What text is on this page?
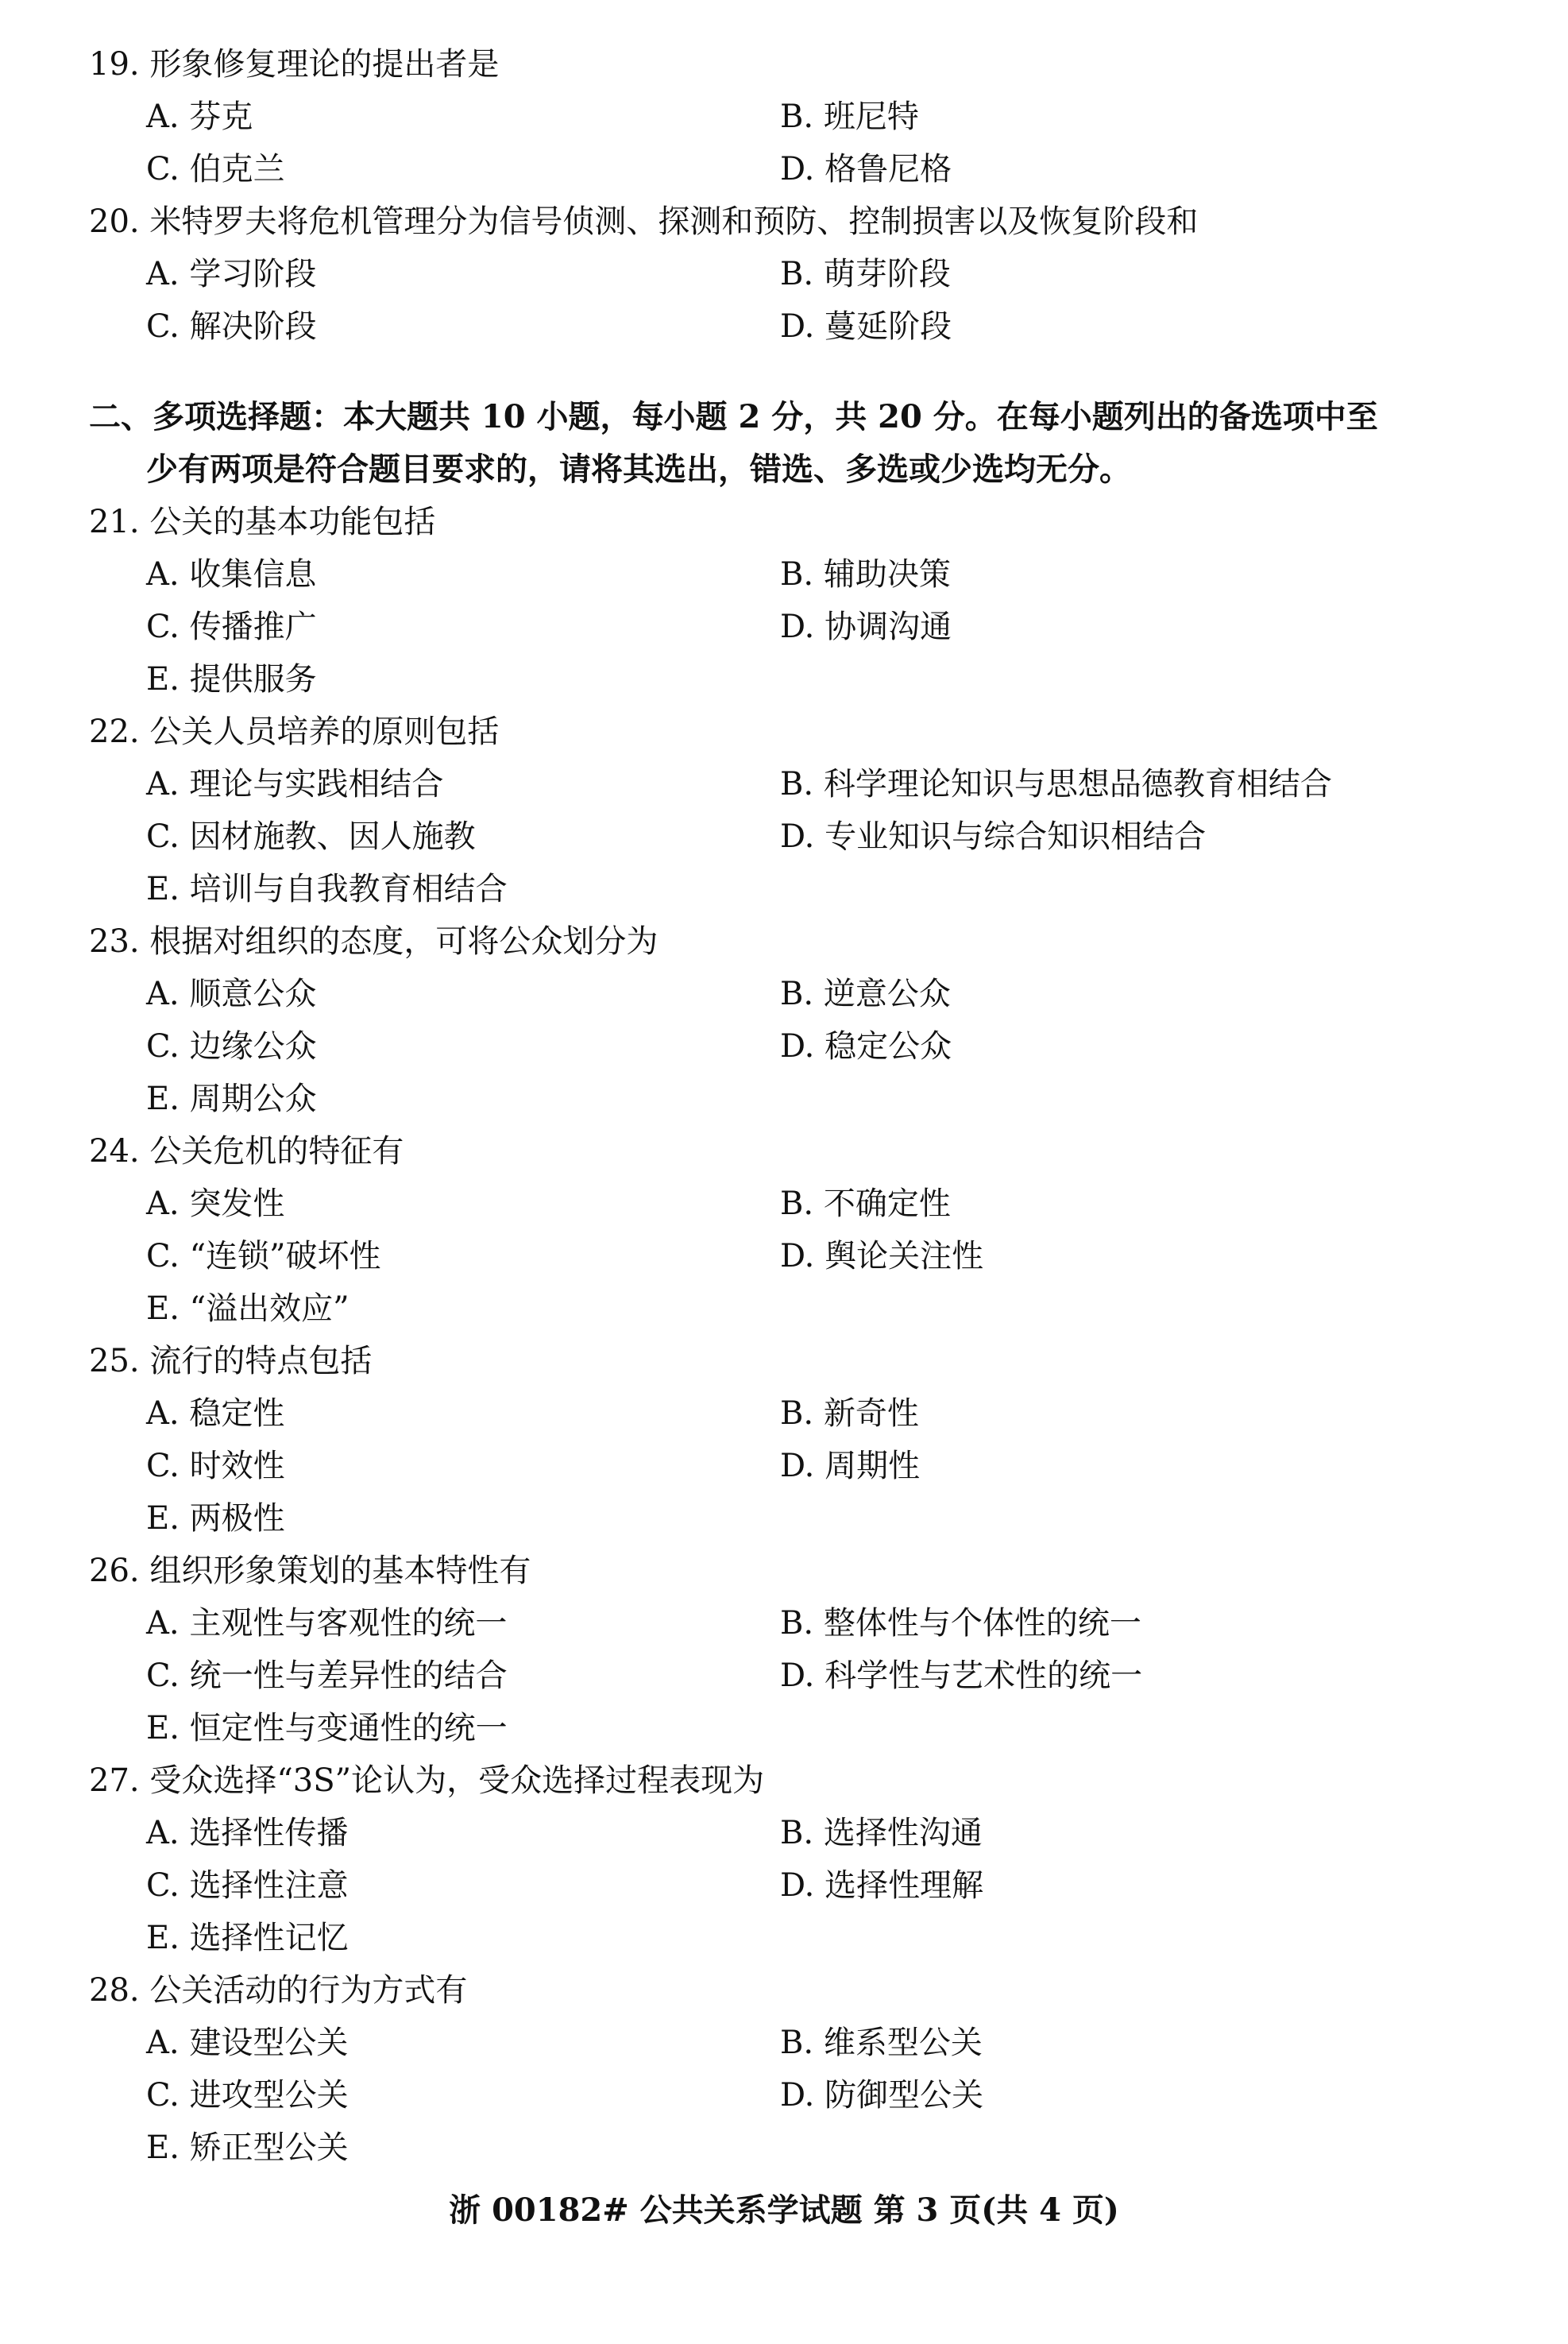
19. 形象修复理论的提出者是
A. 芬克	B. 班尼特
C. 伯克兰	D. 格鲁尼格
20. 米特罗夫将危机管理分为信号侦测、探测和预防、控制损害以及恢复阶段和
A. 学习阶段	B. 萌芽阶段
C. 解决阶段	D. 蔓延阶段
二、多项选择题：本大题共 10 小题，每小题 2 分，共 20 分。在每小题列出的备选项中至
少有两项是符合题目要求的，请将其选出，错选、多选或少选均无分。
21. 公关的基本功能包括
A. 收集信息	B. 辅助决策
C. 传播推广	D. 协调沟通
E. 提供服务
22. 公关人员培养的原则包括
A. 理论与实践相结合	B. 科学理论知识与思想品德教育相结合
C. 因材施教、因人施教	D. 专业知识与综合知识相结合
E. 培训与自我教育相结合
23. 根据对组织的态度，可将公众划分为
A. 顺意公众	B. 逆意公众
C. 边缘公众	D. 稳定公众
E. 周期公众
24. 公关危机的特征有
A. 突发性	B. 不确定性
C. “连锁”破坏性	D. 舆论关注性
E. “溢出效应”
25. 流行的特点包括
A. 稳定性	B. 新奇性
C. 时效性	D. 周期性
E. 两极性
26. 组织形象策划的基本特性有
A. 主观性与客观性的统一	B. 整体性与个体性的统一
C. 统一性与差异性的结合	D. 科学性与艺术性的统一
E. 恒定性与变通性的统一
27. 受众选择“3S”论认为，受众选择过程表现为
A. 选择性传播	B. 选择性沟通
C. 选择性注意	D. 选择性理解
E. 选择性记忆
28. 公关活动的行为方式有
A. 建设型公关	B. 维系型公关
C. 进攻型公关	D. 防御型公关
E. 矫正型公关
浙 00182# 公共关系学试题 第 3 页(共 4 页)
